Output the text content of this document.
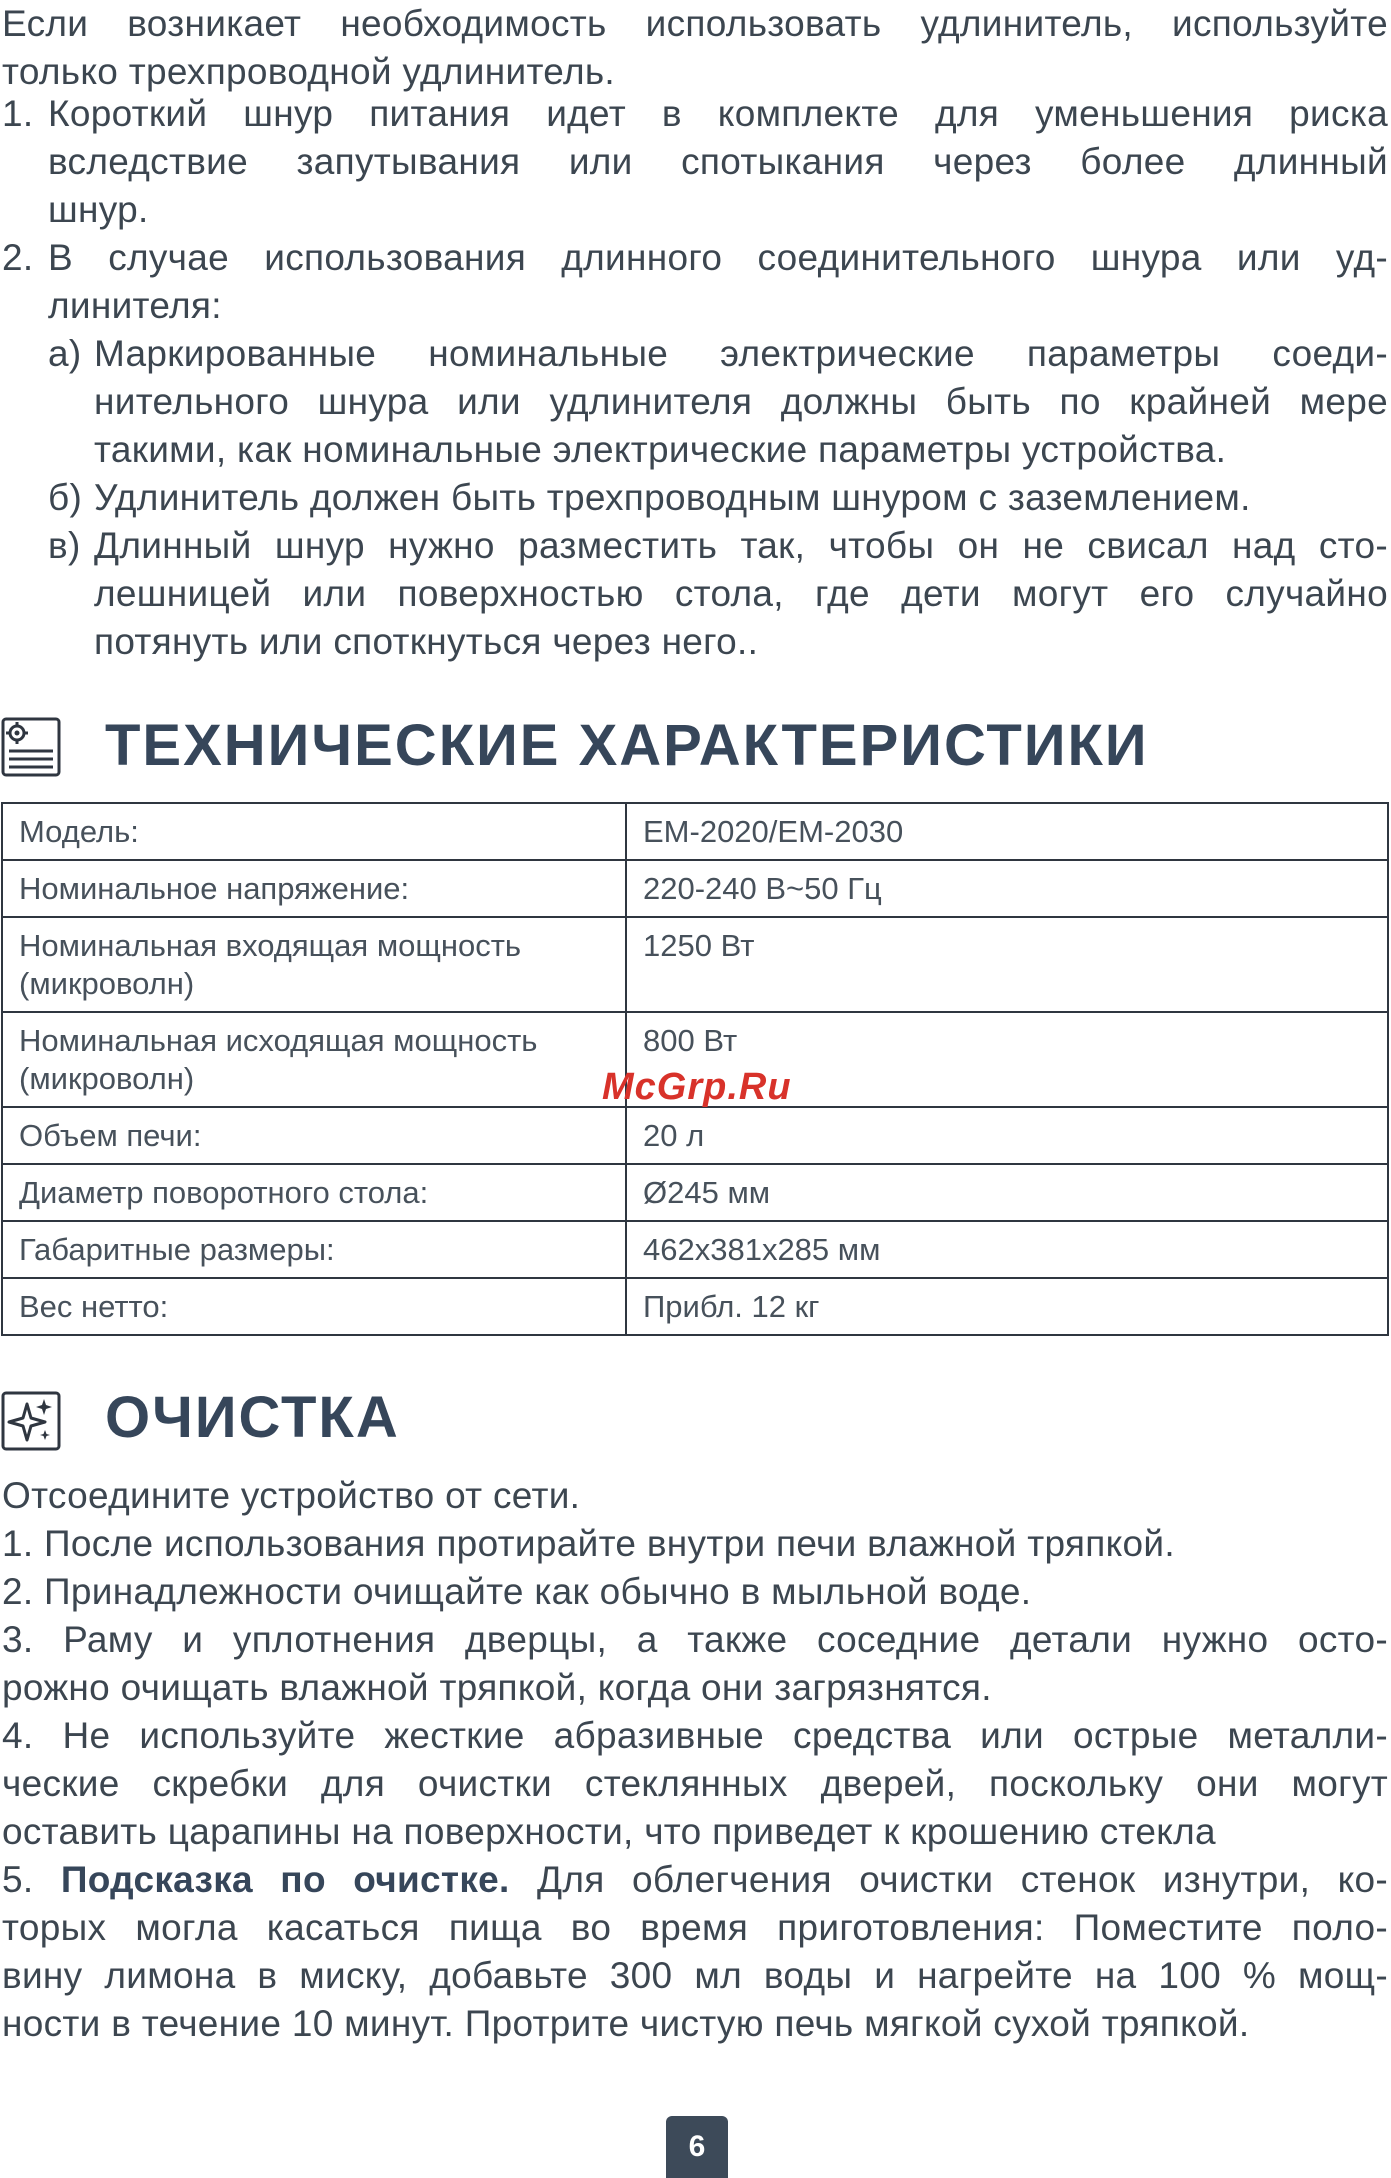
Если возникает необходимость использовать удлинитель, используйте
только трехпроводной удлинитель.
1. Короткий шнур питания идет в комплекте для уменьшения риска
вследствие запутывания или спотыкания через более длинный
шнур.
2. В случае использования длинного соединительного шнура или уд-
линителя:
а) Маркированные номинальные электрические параметры соеди-
нительного шнура или удлинителя должны быть по крайней мере
такими, как номинальные электрические параметры устройства.
б) Удлинитель должен быть трехпроводным шнуром с заземлением.
в) Длинный шнур нужно разместить так, чтобы он не свисал над сто-
лешницей или поверхностью стола, где дети могут его случайно
потянуть или споткнуться через него..
ТЕХНИЧЕСКИЕ ХАРАКТЕРИСТИКИ
Модель:	EM-2020/EM-2030
Номинальное напряжение:	220-240 В~50 Гц

Номинальная входящая мощность
(микроволн)	1250 Вт

Номинальная исходящая мощность
(микроволн)	800 Вт
Объем печи:	20 л
Диаметр поворотного стола:	Ø245 мм
Габаритные размеры:	462x381x285 мм
Вес нетто:	Прибл. 12 кг
McGrp.Ru
ОЧИСТКА
Отсоедините устройство от сети.
1. После использования протирайте внутри печи влажной тряпкой.
2. Принадлежности очищайте как обычно в мыльной воде.
3. Раму и уплотнения дверцы, а также соседние детали нужно осто-
рожно очищать влажной тряпкой, когда они загрязнятся.
4. Не используйте жесткие абразивные средства или острые металли-
ческие скребки для очистки стеклянных дверей, поскольку они могут
оставить царапины на поверхности, что приведет к крошению стекла
5. Подсказка по очистке. Для облегчения очистки стенок изнутри, ко-
торых могла касаться пища во время приготовления: Поместите поло-
вину лимона в миску, добавьте 300 мл воды и нагрейте на 100 % мощ-
ности в течение 10 минут. Протрите чистую печь мягкой сухой тряпкой.
6
